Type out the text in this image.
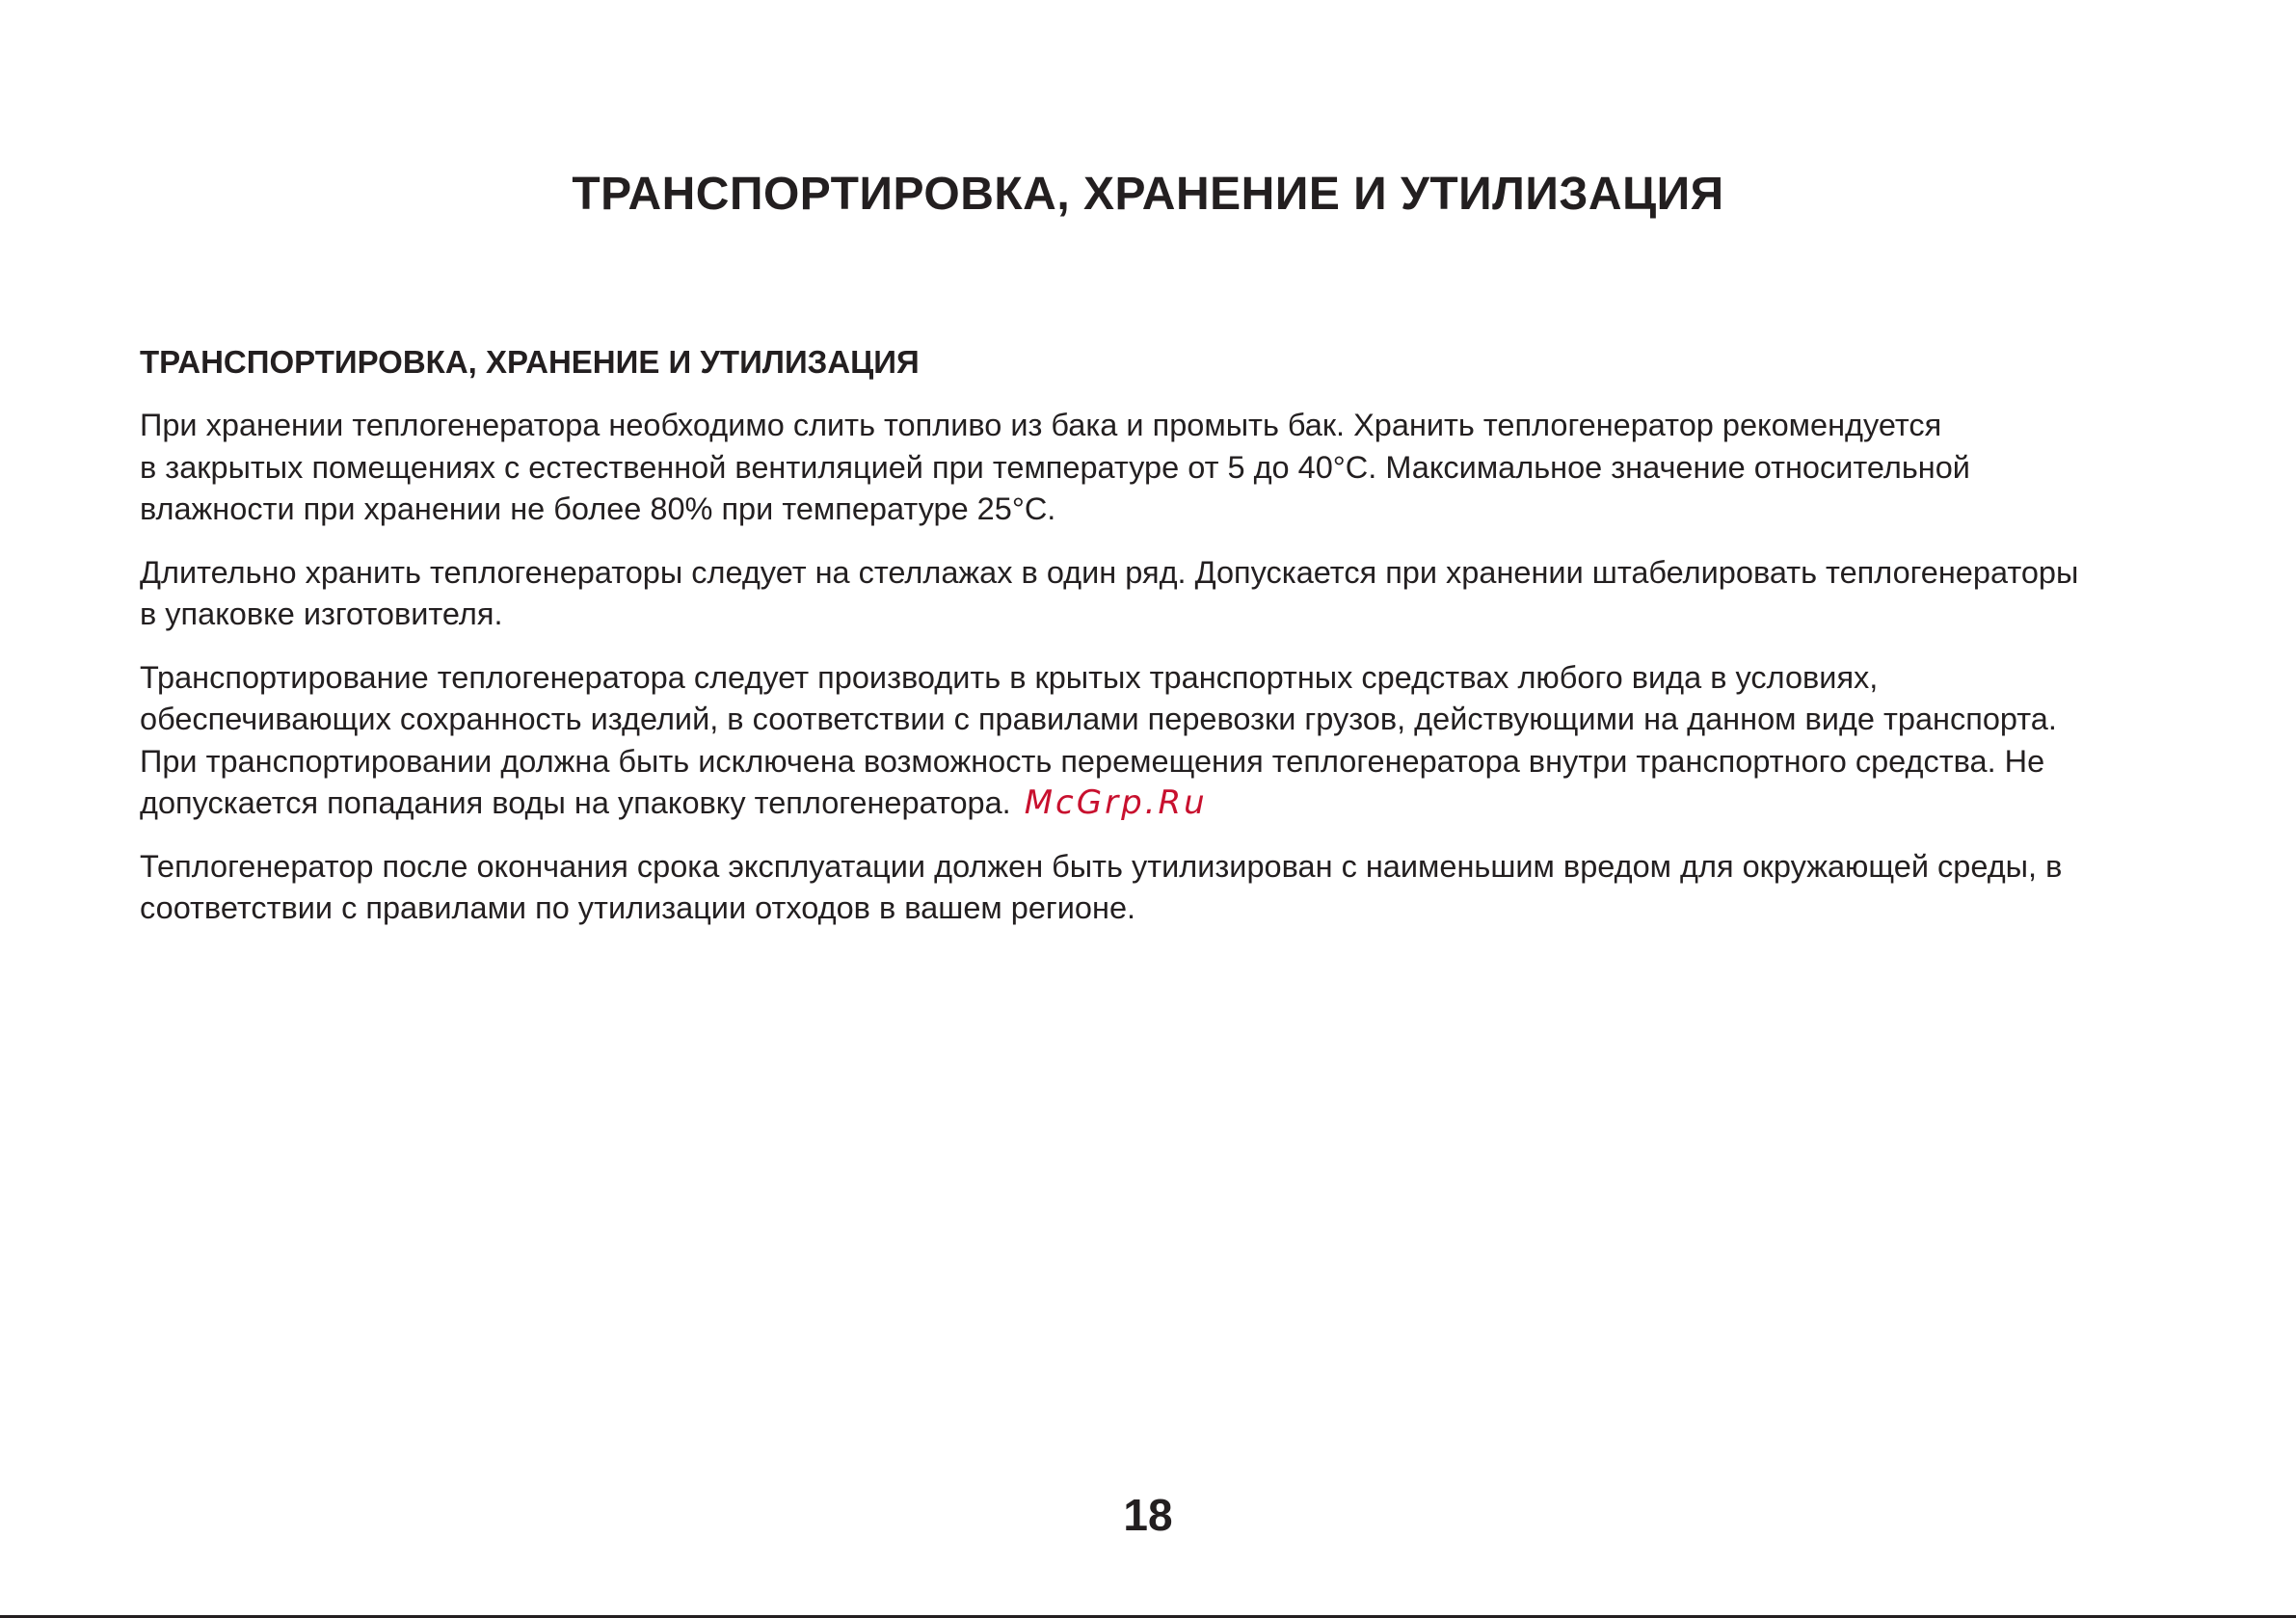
ТРАНСПОРТИРОВКА, ХРАНЕНИЕ И УТИЛИЗАЦИЯ
ТРАНСПОРТИРОВКА, ХРАНЕНИЕ И УТИЛИЗАЦИЯ

При хранении теплогенератора необходимо слить топливо из бака и промыть бак. Хранить теплогенератор рекомендуется
в закрытых помещениях с естественной вентиляцией при температуре от 5 до 40°С. Максимальное значение относительной
влажности при хранении не более 80% при температуре 25°С.

Длительно хранить теплогенераторы следует на стеллажах в один ряд. Допускается при хранении штабелировать теплогенераторы
в упаковке изготовителя.

Транспортирование теплогенератора следует производить в крытых транспортных средствах любого вида в условиях,
обеспечивающих сохранность изделий, в соответствии с правилами перевозки грузов, действующими на данном виде транспорта.
При транспортировании должна быть исключена возможность перемещения теплогенератора внутри транспортного средства. Не
допускается попадания воды на упаковку теплогенератора. McGrp.Ru

Теплогенератор после окончания срока эксплуатации должен быть утилизирован с наименьшим вредом для окружающей среды, в
соответствии с правилами по утилизации отходов в вашем регионе.

18
